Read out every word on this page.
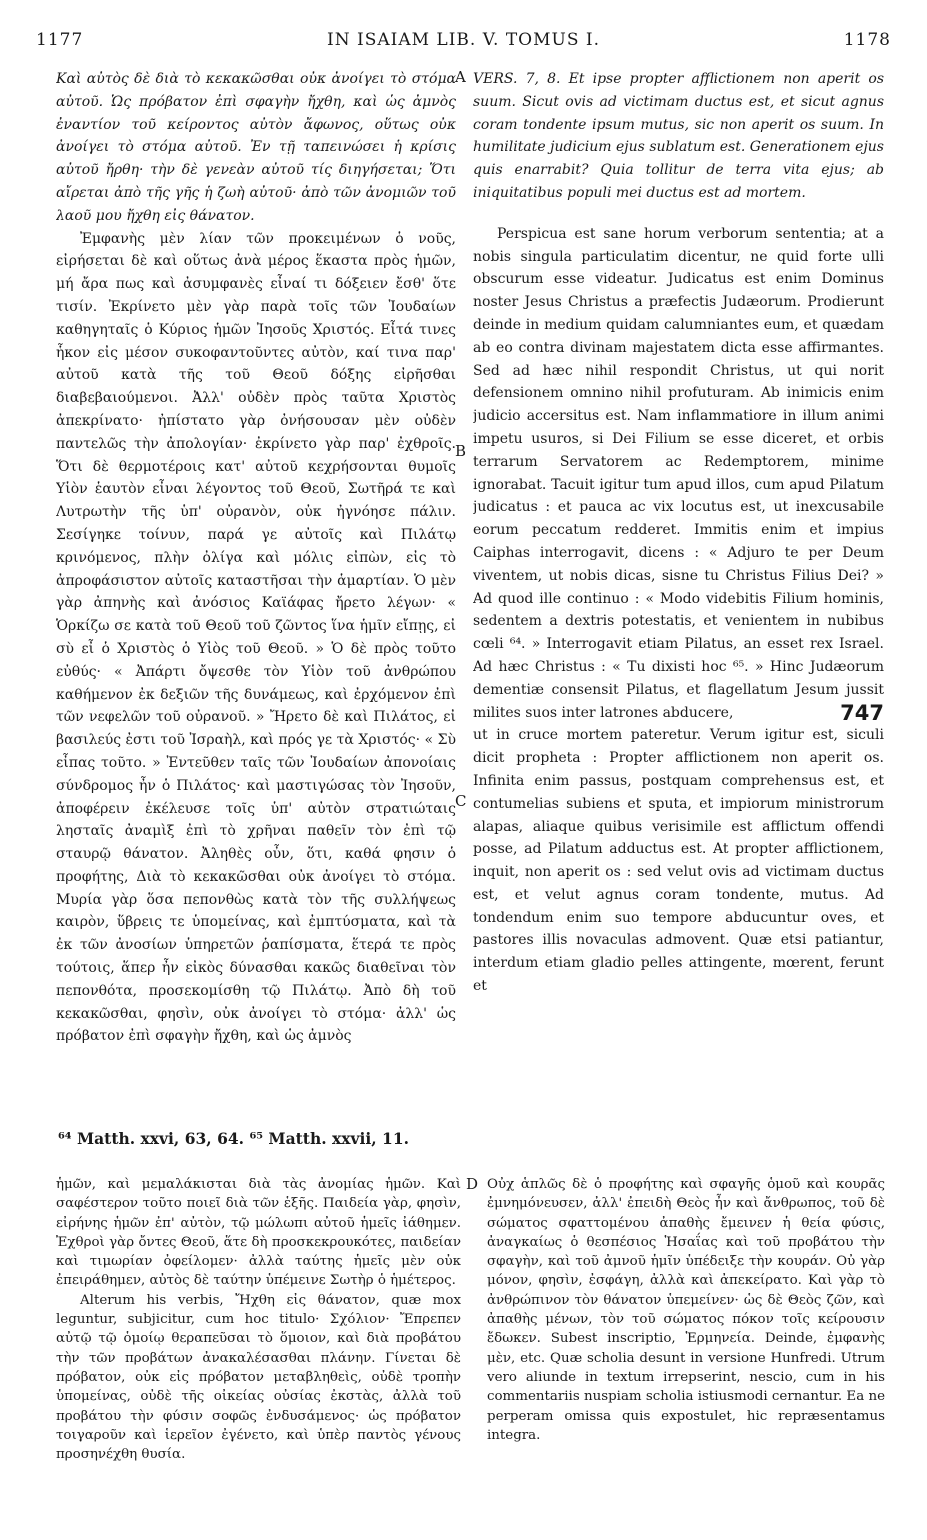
1177	IN ISAIAM LIB. V. TOMUS I.	1178

Καὶ αὐτὸς δὲ διὰ τὸ κεκακῶσθαι οὐκ ἀνοίγει τὸ στόμα αὐτοῦ. Ὡς πρόβατον ἐπὶ σφαγὴν ἤχθη, καὶ ὡς ἀμνὸς ἐναντίον τοῦ κείροντος αὐτὸν ἄφωνος, οὕτως οὐκ ἀνοίγει τὸ στόμα αὐτοῦ. Ἐν τῇ ταπεινώσει ἡ κρίσις αὐτοῦ ἤρθη· τὴν δὲ γενεὰν αὐτοῦ τίς διηγήσεται; Ὅτι αἴρεται ἀπὸ τῆς γῆς ἡ ζωὴ αὐτοῦ· ἀπὸ τῶν ἀνομιῶν τοῦ λαοῦ μου ἤχθη εἰς θάνατον.

Ἐμφανὴς μὲν λίαν τῶν προκειμένων ὁ νοῦς, εἰρήσεται δὲ καὶ οὕτως ἀνὰ μέρος ἕκαστα πρὸς ἡμῶν, μή ἄρα πως καὶ ἀσυμφανὲς εἶναί τι δόξειεν ἔσθ' ὅτε τισίν. Ἐκρίνετο μὲν γὰρ παρὰ τοῖς τῶν Ἰουδαίων καθηγηταῖς ὁ Κύριος ἡμῶν Ἰησοῦς Χριστός. Εἶτά τινες ἧκον εἰς μέσον συκοφαντοῦντες αὐτὸν, καί τινα παρ' αὐτοῦ κατὰ τῆς τοῦ Θεοῦ δόξης εἰρῆσθαι διαβεβαιούμενοι. Ἀλλ' οὐδὲν πρὸς ταῦτα Χριστὸς ἀπεκρίνατο· ἠπίστατο γὰρ ὀνήσουσαν μὲν οὐδὲν παντελῶς τὴν ἀπολογίαν· ἐκρίνετο γὰρ παρ' ἐχθροῖς. Ὅτι δὲ θερμοτέροις κατ' αὐτοῦ κεχρήσονται θυμοῖς Υἱὸν ἑαυτὸν εἶναι λέγοντος τοῦ Θεοῦ, Σωτῆρά τε καὶ Λυτρωτὴν τῆς ὑπ' οὐρανὸν, οὐκ ἠγνόησε πάλιν. Σεσίγηκε τοίνυν, παρά γε αὐτοῖς καὶ Πιλάτῳ κρινόμενος, πλὴν ὀλίγα καὶ μόλις εἰπὼν, εἰς τὸ ἀπροφάσιστον αὐτοῖς καταστῆσαι τὴν ἁμαρτίαν. Ὁ μὲν γὰρ ἀπηνὴς καὶ ἀνόσιος Καϊάφας ἤρετο λέγων· « Ὁρκίζω σε κατὰ τοῦ Θεοῦ τοῦ ζῶντος ἵνα ἡμῖν εἴπῃς, εἰ σὺ εἶ ὁ Χριστὸς ὁ Υἱὸς τοῦ Θεοῦ. » Ὁ δὲ πρὸς τοῦτο εὐθύς· « Ἀπάρτι ὄψεσθε τὸν Υἱὸν τοῦ ἀνθρώπου καθήμενον ἐκ δεξιῶν τῆς δυνάμεως, καὶ ἐρχόμενον ἐπὶ τῶν νεφελῶν τοῦ οὐρανοῦ. » Ἤρετο δὲ καὶ Πιλάτος, εἰ βασιλεύς ἐστι τοῦ Ἰσραὴλ, καὶ πρός γε τὰ Χριστός· « Σὺ εἶπας τοῦτο. » Ἐντεῦθεν ταῖς τῶν Ἰουδαίων ἀπονοίαις σύνδρομος ἦν ὁ Πιλάτος· καὶ μαστιγώσας τὸν Ἰησοῦν, ἀποφέρειν ἐκέλευσε τοῖς ὑπ' αὐτὸν στρατιώταις λησταῖς ἀναμὶξ ἐπὶ τὸ χρῆναι παθεῖν τὸν ἐπὶ τῷ σταυρῷ θάνατον. Ἀληθὲς οὖν, ὅτι, καθά φησιν ὁ προφήτης, Διὰ τὸ κεκακῶσθαι οὐκ ἀνοίγει τὸ στόμα. Μυρία γὰρ ὅσα πεπονθὼς κατὰ τὸν τῆς συλλήψεως καιρὸν, ὕβρεις τε ὑπομείνας, καὶ ἐμπτύσματα, καὶ τὰ ἐκ τῶν ἀνοσίων ὑπηρετῶν ῥαπίσματα, ἕτερά τε πρὸς τούτοις, ἅπερ ἦν εἰκὸς δύνασθαι κακῶς διαθεῖναι τὸν πεπονθότα, προσεκομίσθη τῷ Πιλάτῳ. Ἀπὸ δὴ τοῦ κεκακῶσθαι, φησὶν, οὐκ ἀνοίγει τὸ στόμα· ἀλλ' ὡς πρόβατον ἐπὶ σφαγὴν ἤχθη, καὶ ὡς ἀμνὸς

VERS. 7, 8. Et ipse propter afflictionem non aperit os suum. Sicut ovis ad victimam ductus est, et sicut agnus coram tondente ipsum mutus, sic non aperit os suum. In humilitate judicium ejus sublatum est. Generationem ejus quis enarrabit? Quia tollitur de terra vita ejus; ab iniquitatibus populi mei ductus est ad mortem.

Perspicua est sane horum verborum sententia; at a nobis singula particulatim dicentur, ne quid forte ulli obscurum esse videatur. Judicatus est enim Dominus noster Jesus Christus a præfectis Judæorum. Prodierunt deinde in medium quidam calumniantes eum, et quædam ab eo contra divinam majestatem dicta esse affirmantes. Sed ad hæc nihil respondit Christus, ut qui norit defensionem omnino nihil profuturam. Ab inimicis enim judicio accersitus est. Nam inflammatiore in illum animi impetu usuros, si Dei Filium se esse diceret, et orbis terrarum Servatorem ac Redemptorem, minime ignorabat. Tacuit igitur tum apud illos, cum apud Pilatum judicatus : et pauca ac vix locutus est, ut inexcusabile eorum peccatum redderet. Immitis enim et impius Caiphas interrogavit, dicens : « Adjuro te per Deum viventem, ut nobis dicas, sisne tu Christus Filius Dei? » Ad quod ille continuo : « Modo videbitis Filium hominis, sedentem a dextris potestatis, et venientem in nubibus cœli ⁶⁴. » Interrogavit etiam Pilatus, an esset rex Israel. Ad hæc Christus : « Tu dixisti hoc ⁶⁵. » Hinc Judæorum dementiæ consensit Pilatus, et flagellatum Jesum jussit milites suos inter latrones abducere,	747

ut in cruce mortem pateretur. Verum igitur est, siculi dicit propheta : Propter afflictionem non aperit os. Infinita enim passus, postquam comprehensus est, et contumelias subiens et sputa, et impiorum ministrorum alapas, aliaque quibus verisimile est afflictum offendi posse, ad Pilatum adductus est. At propter afflictionem, inquit, non aperit os : sed velut ovis ad victimam ductus est, et velut agnus coram tondente, mutus. Ad tondendum enim suo tempore abducuntur oves, et pastores illis novaculas admovent. Quæ etsi patiantur, interdum etiam gladio pelles attingente, mœrent, ferunt et

A
B
C
D
⁶⁴ Matth. xxvi, 63, 64. ⁶⁵ Matth. xxvii, 11.

ἡμῶν, καὶ μεμαλάκισται διὰ τὰς ἀνομίας ἡμῶν. Καὶ σαφέστερον τοῦτο ποιεῖ διὰ τῶν ἑξῆς. Παιδεία γὰρ, φησὶν, εἰρήνης ἡμῶν ἐπ' αὐτὸν, τῷ μώλωπι αὐτοῦ ἡμεῖς ἰάθημεν. Ἐχθροὶ γὰρ ὄντες Θεοῦ, ἅτε δὴ προσκεκρουκότες, παιδείαν καὶ τιμωρίαν ὀφείλομεν· ἀλλὰ ταύτης ἡμεῖς μὲν οὐκ ἐπειράθημεν, αὐτὸς δὲ ταύτην ὑπέμεινε Σωτὴρ ὁ ἡμέτερος.

Alterum his verbis, Ἤχθη εἰς θάνατον, quæ mox leguntur, subjicitur, cum hoc titulo· Σχόλιον· Ἔπρεπεν αὐτῷ τῷ ὁμοίῳ θεραπεῦσαι τὸ ὅμοιον, καὶ διὰ προβάτου τὴν τῶν προβάτων ἀνακαλέσασθαι πλάνην. Γίνεται δὲ πρόβατον, οὐκ εἰς πρόβατον μεταβληθεὶς, οὐδὲ τροπὴν ὑπομείνας, οὐδὲ τῆς οἰκείας οὐσίας ἐκστὰς, ἀλλὰ τοῦ προβάτου τὴν φύσιν σοφῶς ἐνδυσάμενος· ὡς πρόβατον τοιγαροῦν καὶ ἱερεῖον ἐγένετο, καὶ ὑπὲρ παντὸς γένους προσηνέχθη θυσία.

Οὐχ ἁπλῶς δὲ ὁ προφήτης καὶ σφαγῆς ὁμοῦ καὶ κουρᾶς ἐμνημόνευσεν, ἀλλ' ἐπειδὴ Θεὸς ἦν καὶ ἄνθρωπος, τοῦ δὲ σώματος σφαττομένου ἀπαθὴς ἔμεινεν ἡ θεία φύσις, ἀναγκαίως ὁ θεσπέσιος Ἡσαΐας καὶ τοῦ προβάτου τὴν σφαγὴν, καὶ τοῦ ἀμνοῦ ἡμῖν ὑπέδειξε τὴν κουράν. Οὐ γὰρ μόνον, φησὶν, ἐσφάγη, ἀλλὰ καὶ ἀπεκείρατο. Καὶ γὰρ τὸ ἀνθρώπινον τὸν θάνατον ὑπεμείνεν· ὡς δὲ Θεὸς ζῶν, καὶ ἀπαθὴς μένων, τὸν τοῦ σώματος πόκον τοῖς κείρουσιν ἔδωκεν. Subest inscriptio, Ἑρμηνεία. Deinde, ἐμφανὴς μὲν, etc. Quæ scholia desunt in versione Hunfredi. Utrum vero aliunde in textum irrepserint, nescio, cum in his commentariis nuspiam scholia istiusmodi cernantur. Ea ne perperam omissa quis expostulet, hic repræsentamus integra.
